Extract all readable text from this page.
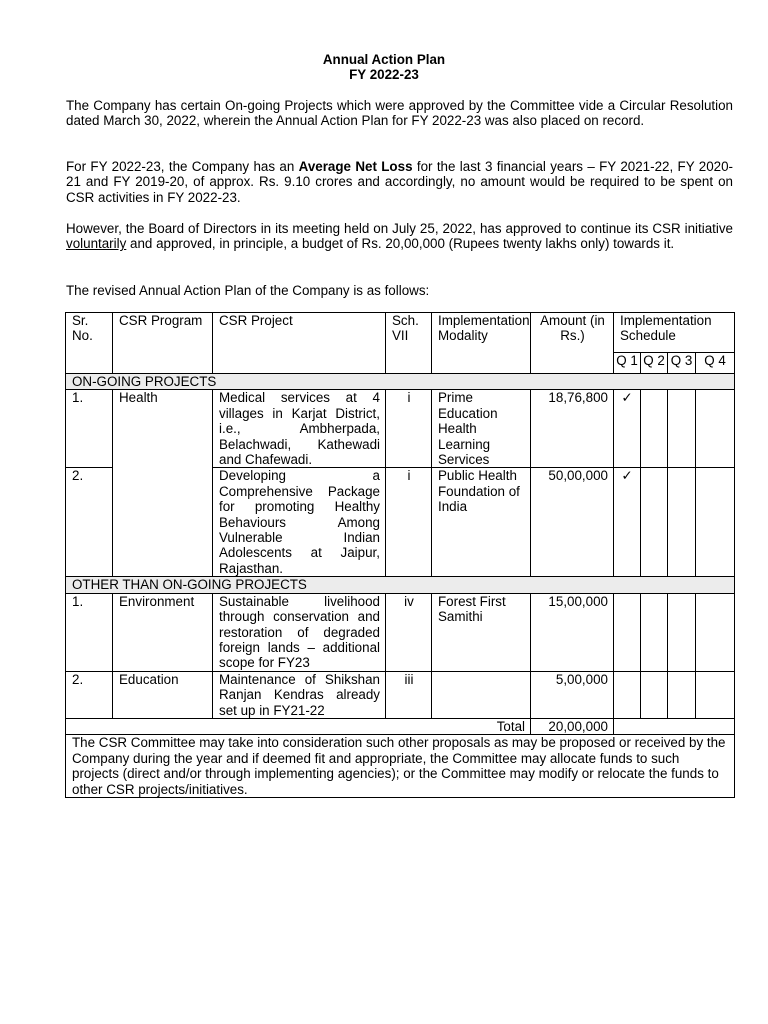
Annual Action Plan
FY 2022-23

The Company has certain On-going Projects which were approved by the Committee vide a Circular Resolution dated March 30, 2022, wherein the Annual Action Plan for FY 2022-23 was also placed on record.

For FY 2022-23, the Company has an Average Net Loss for the last 3 financial years – FY 2021-22, FY 2020-21 and FY 2019-20, of approx. Rs. 9.10 crores and accordingly, no amount would be required to be spent on CSR activities in FY 2022-23.

However, the Board of Directors in its meeting held on July 25, 2022, has approved to continue its CSR initiative voluntarily and approved, in principle, a budget of Rs. 20,00,000 (Rupees twenty lakhs only) towards it.

The revised Annual Action Plan of the Company is as follows:

Sr. No.	CSR Program	CSR Project	Sch. VII	Implementation Modality	Amount (in Rs.)	Implementation Schedule			
						Q 1	Q 2	Q 3	Q 4
ON-GOING PROJECTS									
1.	Health	Medical services at 4 villages in Karjat District, i.e., Ambherpada, Belachwadi, Kathewadi and Chafewadi.	i	Prime Education Health Learning Services	18,76,800	✓			
2.		Developing a Comprehensive Package for promoting Healthy Behaviours Among Vulnerable Indian Adolescents at Jaipur, Rajasthan.	i	Public Health Foundation of India	50,00,000	✓			
OTHER THAN ON-GOING PROJECTS									
1.	Environment	Sustainable livelihood through conservation and restoration of degraded foreign lands – additional scope for FY23	iv	Forest First Samithi	15,00,000				
2.	Education	Maintenance of Shikshan Ranjan Kendras already set up in FY21-22	iii		5,00,000				
Total					20,00,000				
The CSR Committee may take into consideration such other proposals as may be proposed or received by the Company during the year and if deemed fit and appropriate, the Committee may allocate funds to such projects (direct and/or through implementing agencies); or the Committee may modify or relocate the funds to other CSR projects/initiatives.									
